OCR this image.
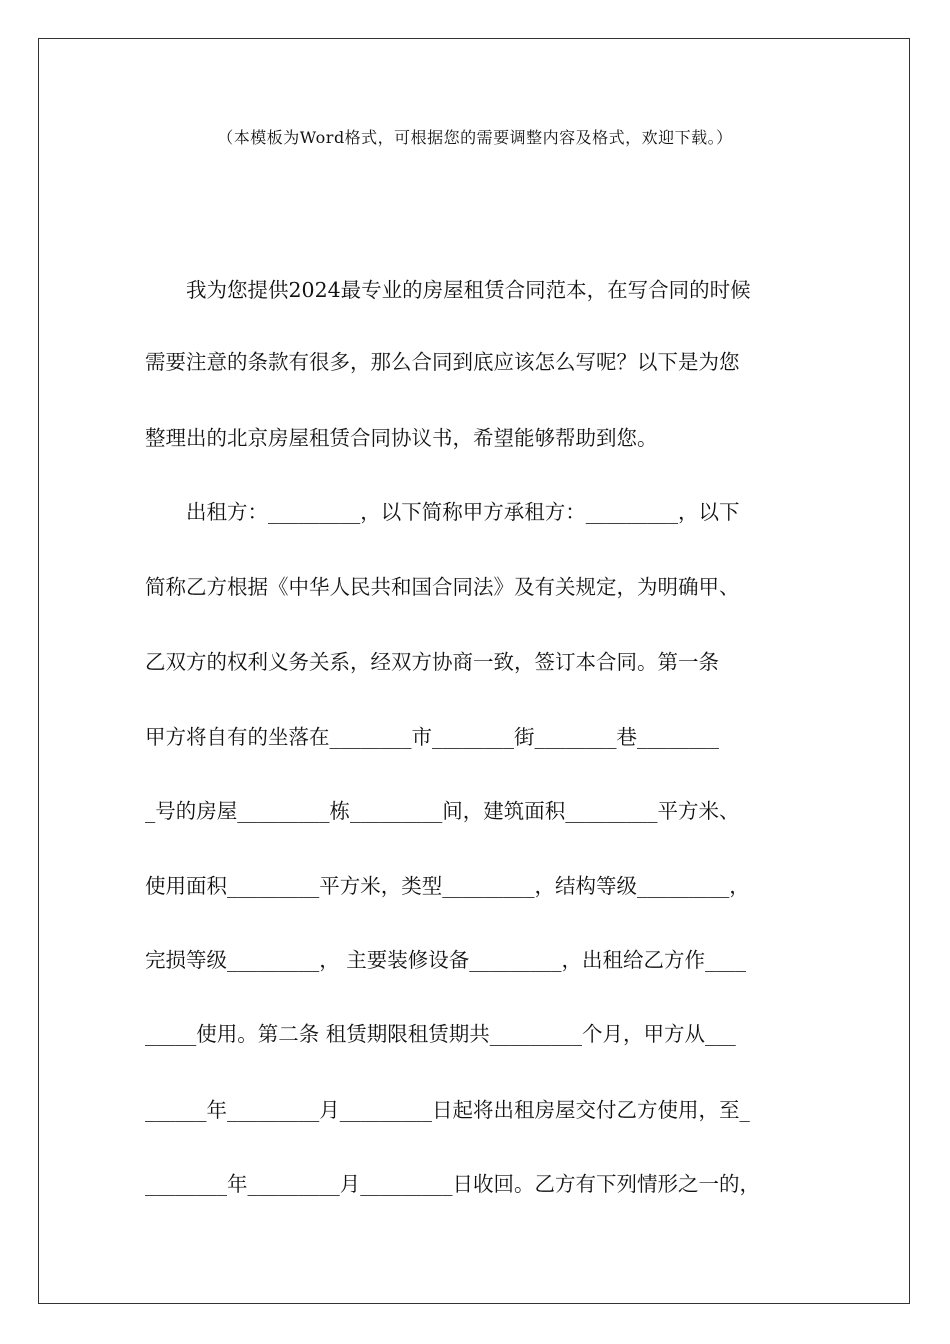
（本模板为Word格式，可根据您的需要调整内容及格式，欢迎下载。）
　　我为您提供2024最专业的房屋租赁合同范本，在写合同的时候
需要注意的条款有很多，那么合同到底应该怎么写呢？以下是为您
整理出的北京房屋租赁合同协议书，希望能够帮助到您。
　　出租方：_________，以下简称甲方承租方：_________，以下
简称乙方根据《中华人民共和国合同法》及有关规定，为明确甲、
乙双方的权利义务关系，经双方协商一致，签订本合同。第一条
甲方将自有的坐落在________市________街________巷________
_号的房屋_________栋_________间，建筑面积_________平方米、
使用面积_________平方米，类型_________，结构等级_________，
完损等级_________， 主要装修设备_________，出租给乙方作____
_____使用。第二条 租赁期限租赁期共_________个月，甲方从___
______年_________月_________日起将出租房屋交付乙方使用，至_
________年_________月_________日收回。乙方有下列情形之一的，
